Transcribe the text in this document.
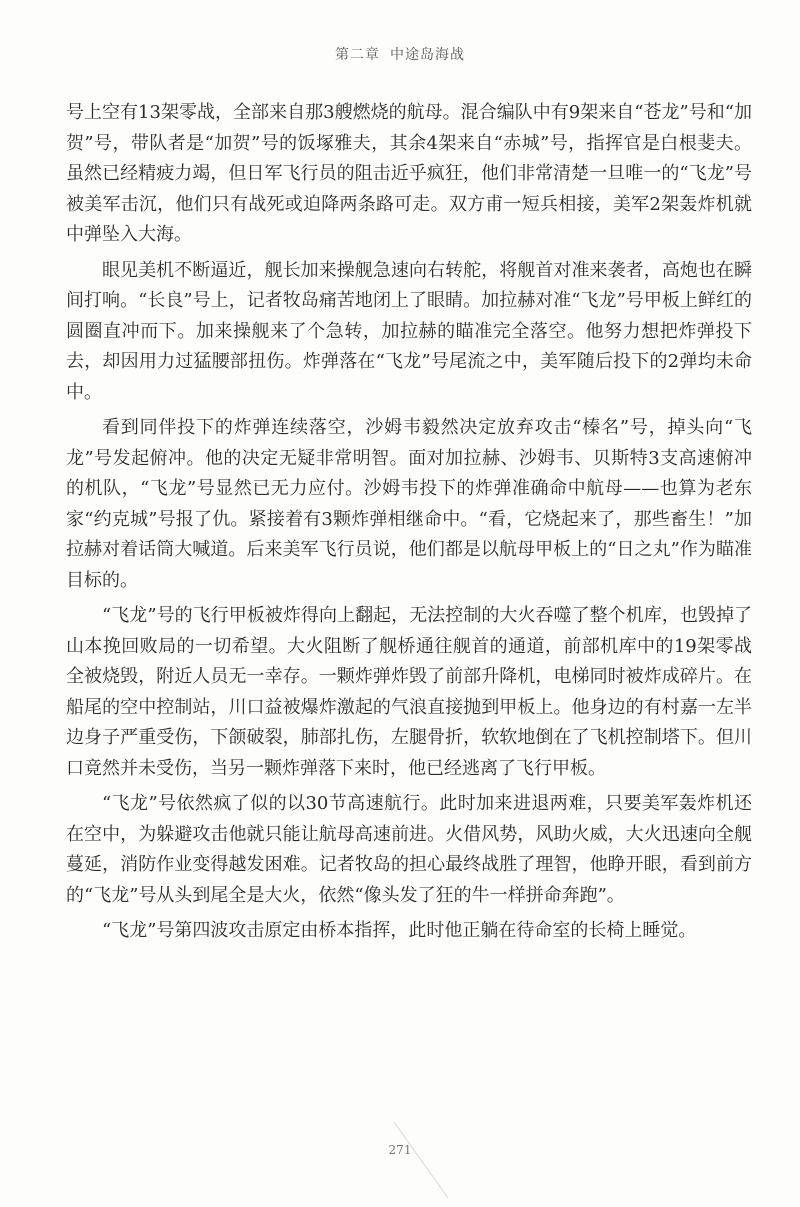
第二章 中途岛海战

号上空有13架零战，全部来自那3艘燃烧的航母。混合编队中有9架来自“苍龙”号和“加贺”号，带队者是“加贺”号的饭塚雅夫，其余4架来自“赤城”号，指挥官是白根斐夫。虽然已经精疲力竭，但日军飞行员的阻击近乎疯狂，他们非常清楚一旦唯一的“飞龙”号被美军击沉，他们只有战死或迫降两条路可走。双方甫一短兵相接，美军2架轰炸机就中弹坠入大海。

眼见美机不断逼近，舰长加来操舰急速向右转舵，将舰首对准来袭者，高炮也在瞬间打响。“长良”号上，记者牧岛痛苦地闭上了眼睛。加拉赫对准“飞龙”号甲板上鲜红的圆圈直冲而下。加来操舰来了个急转，加拉赫的瞄准完全落空。他努力想把炸弹投下去，却因用力过猛腰部扭伤。炸弹落在“飞龙”号尾流之中，美军随后投下的2弹均未命中。

看到同伴投下的炸弹连续落空，沙姆韦毅然决定放弃攻击“榛名”号，掉头向“飞龙”号发起俯冲。他的决定无疑非常明智。面对加拉赫、沙姆韦、贝斯特3支高速俯冲的机队，“飞龙”号显然已无力应付。沙姆韦投下的炸弹准确命中航母——也算为老东家“约克城”号报了仇。紧接着有3颗炸弹相继命中。“看，它烧起来了，那些畜生！”加拉赫对着话筒大喊道。后来美军飞行员说，他们都是以航母甲板上的“日之丸”作为瞄准目标的。

“飞龙”号的飞行甲板被炸得向上翻起，无法控制的大火吞噬了整个机库，也毁掉了山本挽回败局的一切希望。大火阻断了舰桥通往舰首的通道，前部机库中的19架零战全被烧毁，附近人员无一幸存。一颗炸弹炸毁了前部升降机，电梯同时被炸成碎片。在船尾的空中控制站，川口益被爆炸激起的气浪直接抛到甲板上。他身边的有村嘉一左半边身子严重受伤，下颌破裂，肺部扎伤，左腿骨折，软软地倒在了飞机控制塔下。但川口竟然并未受伤，当另一颗炸弹落下来时，他已经逃离了飞行甲板。

“飞龙”号依然疯了似的以30节高速航行。此时加来进退两难，只要美军轰炸机还在空中，为躲避攻击他就只能让航母高速前进。火借风势，风助火威，大火迅速向全舰蔓延，消防作业变得越发困难。记者牧岛的担心最终战胜了理智，他睁开眼，看到前方的“飞龙”号从头到尾全是大火，依然“像头发了狂的牛一样拼命奔跑”。

“飞龙”号第四波攻击原定由桥本指挥，此时他正躺在待命室的长椅上睡觉。

271
